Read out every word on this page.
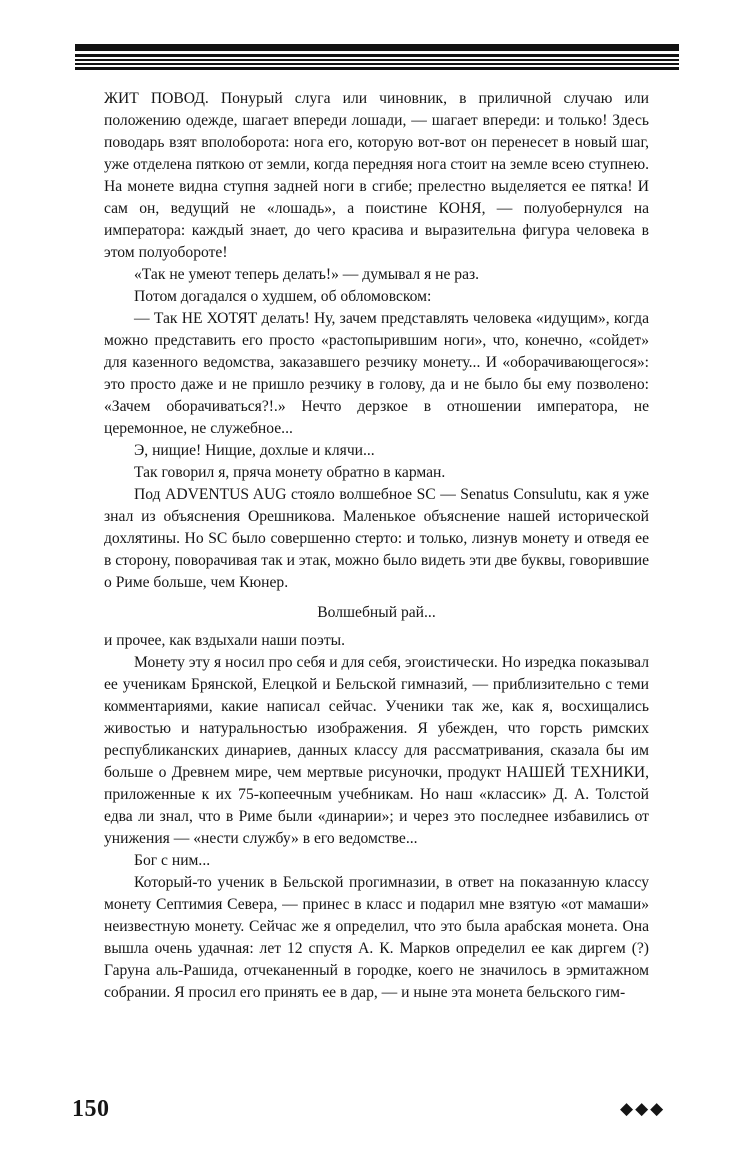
ЖИТ ПОВОД. Понурый слуга или чиновник, в приличной случаю или положению одежде, шагает впереди лошади, — шагает впереди: и только! Здесь поводарь взят вполоборота: нога его, которую вот-вот он перенесет в новый шаг, уже отделена пяткою от земли, когда передняя нога стоит на земле всею ступнею. На монете видна ступня задней ноги в сгибе; прелестно выделяется ее пятка! И сам он, ведущий не «лошадь», а поистине КОНЯ, — полуобернулся на императора: каждый знает, до чего красива и выразительна фигура человека в этом полуобороте!

«Так не умеют теперь делать!» — думывал я не раз.

Потом догадался о худшем, об обломовском:

— Так НЕ ХОТЯТ делать! Ну, зачем представлять человека «идущим», когда можно представить его просто «растопырившим ноги», что, конечно, «сойдет» для казенного ведомства, заказавшего резчику монету... И «оборачивающегося»: это просто даже и не пришло резчику в голову, да и не было бы ему позволено: «Зачем оборачиваться?!.» Нечто дерзкое в отношении императора, не церемонное, не служебное...

Э, нищие! Нищие, дохлые и клячи...

Так говорил я, пряча монету обратно в карман.

Под ADVENTUS AUG стояло волшебное SC — Senatus Consulutu, как я уже знал из объяснения Орешникова. Маленькое объяснение нашей исторической дохлятины. Но SC было совершенно стерто: и только, лизнув монету и отведя ее в сторону, поворачивая так и этак, можно было видеть эти две буквы, говорившие о Риме больше, чем Кюнер.

Волшебный рай...

и прочее, как вздыхали наши поэты.

Монету эту я носил про себя и для себя, эгоистически. Но изредка показывал ее ученикам Брянской, Елецкой и Бельской гимназий, — приблизительно с теми комментариями, какие написал сейчас. Ученики так же, как я, восхищались живостью и натуральностью изображения. Я убежден, что горсть римских республиканских динариев, данных классу для рассматривания, сказала бы им больше о Древнем мире, чем мертвые рисуночки, продукт НАШЕЙ ТЕХНИКИ, приложенные к их 75-копеечным учебникам. Но наш «классик» Д. А. Толстой едва ли знал, что в Риме были «динарии»; и через это последнее избавились от унижения — «нести службу» в его ведомстве...

Бог с ним...

Который-то ученик в Бельской прогимназии, в ответ на показанную классу монету Септимия Севера, — принес в класс и подарил мне взятую «от мамаши» неизвестную монету. Сейчас же я определил, что это была арабская монета. Она вышла очень удачная: лет 12 спустя А. К. Марков определил ее как диргем (?) Гаруна аль-Рашида, отчеканенный в городке, коего не значилось в эрмитажном собрании. Я просил его принять ее в дар, — и ныне эта монета бельского гим-

150	◆◆◆
